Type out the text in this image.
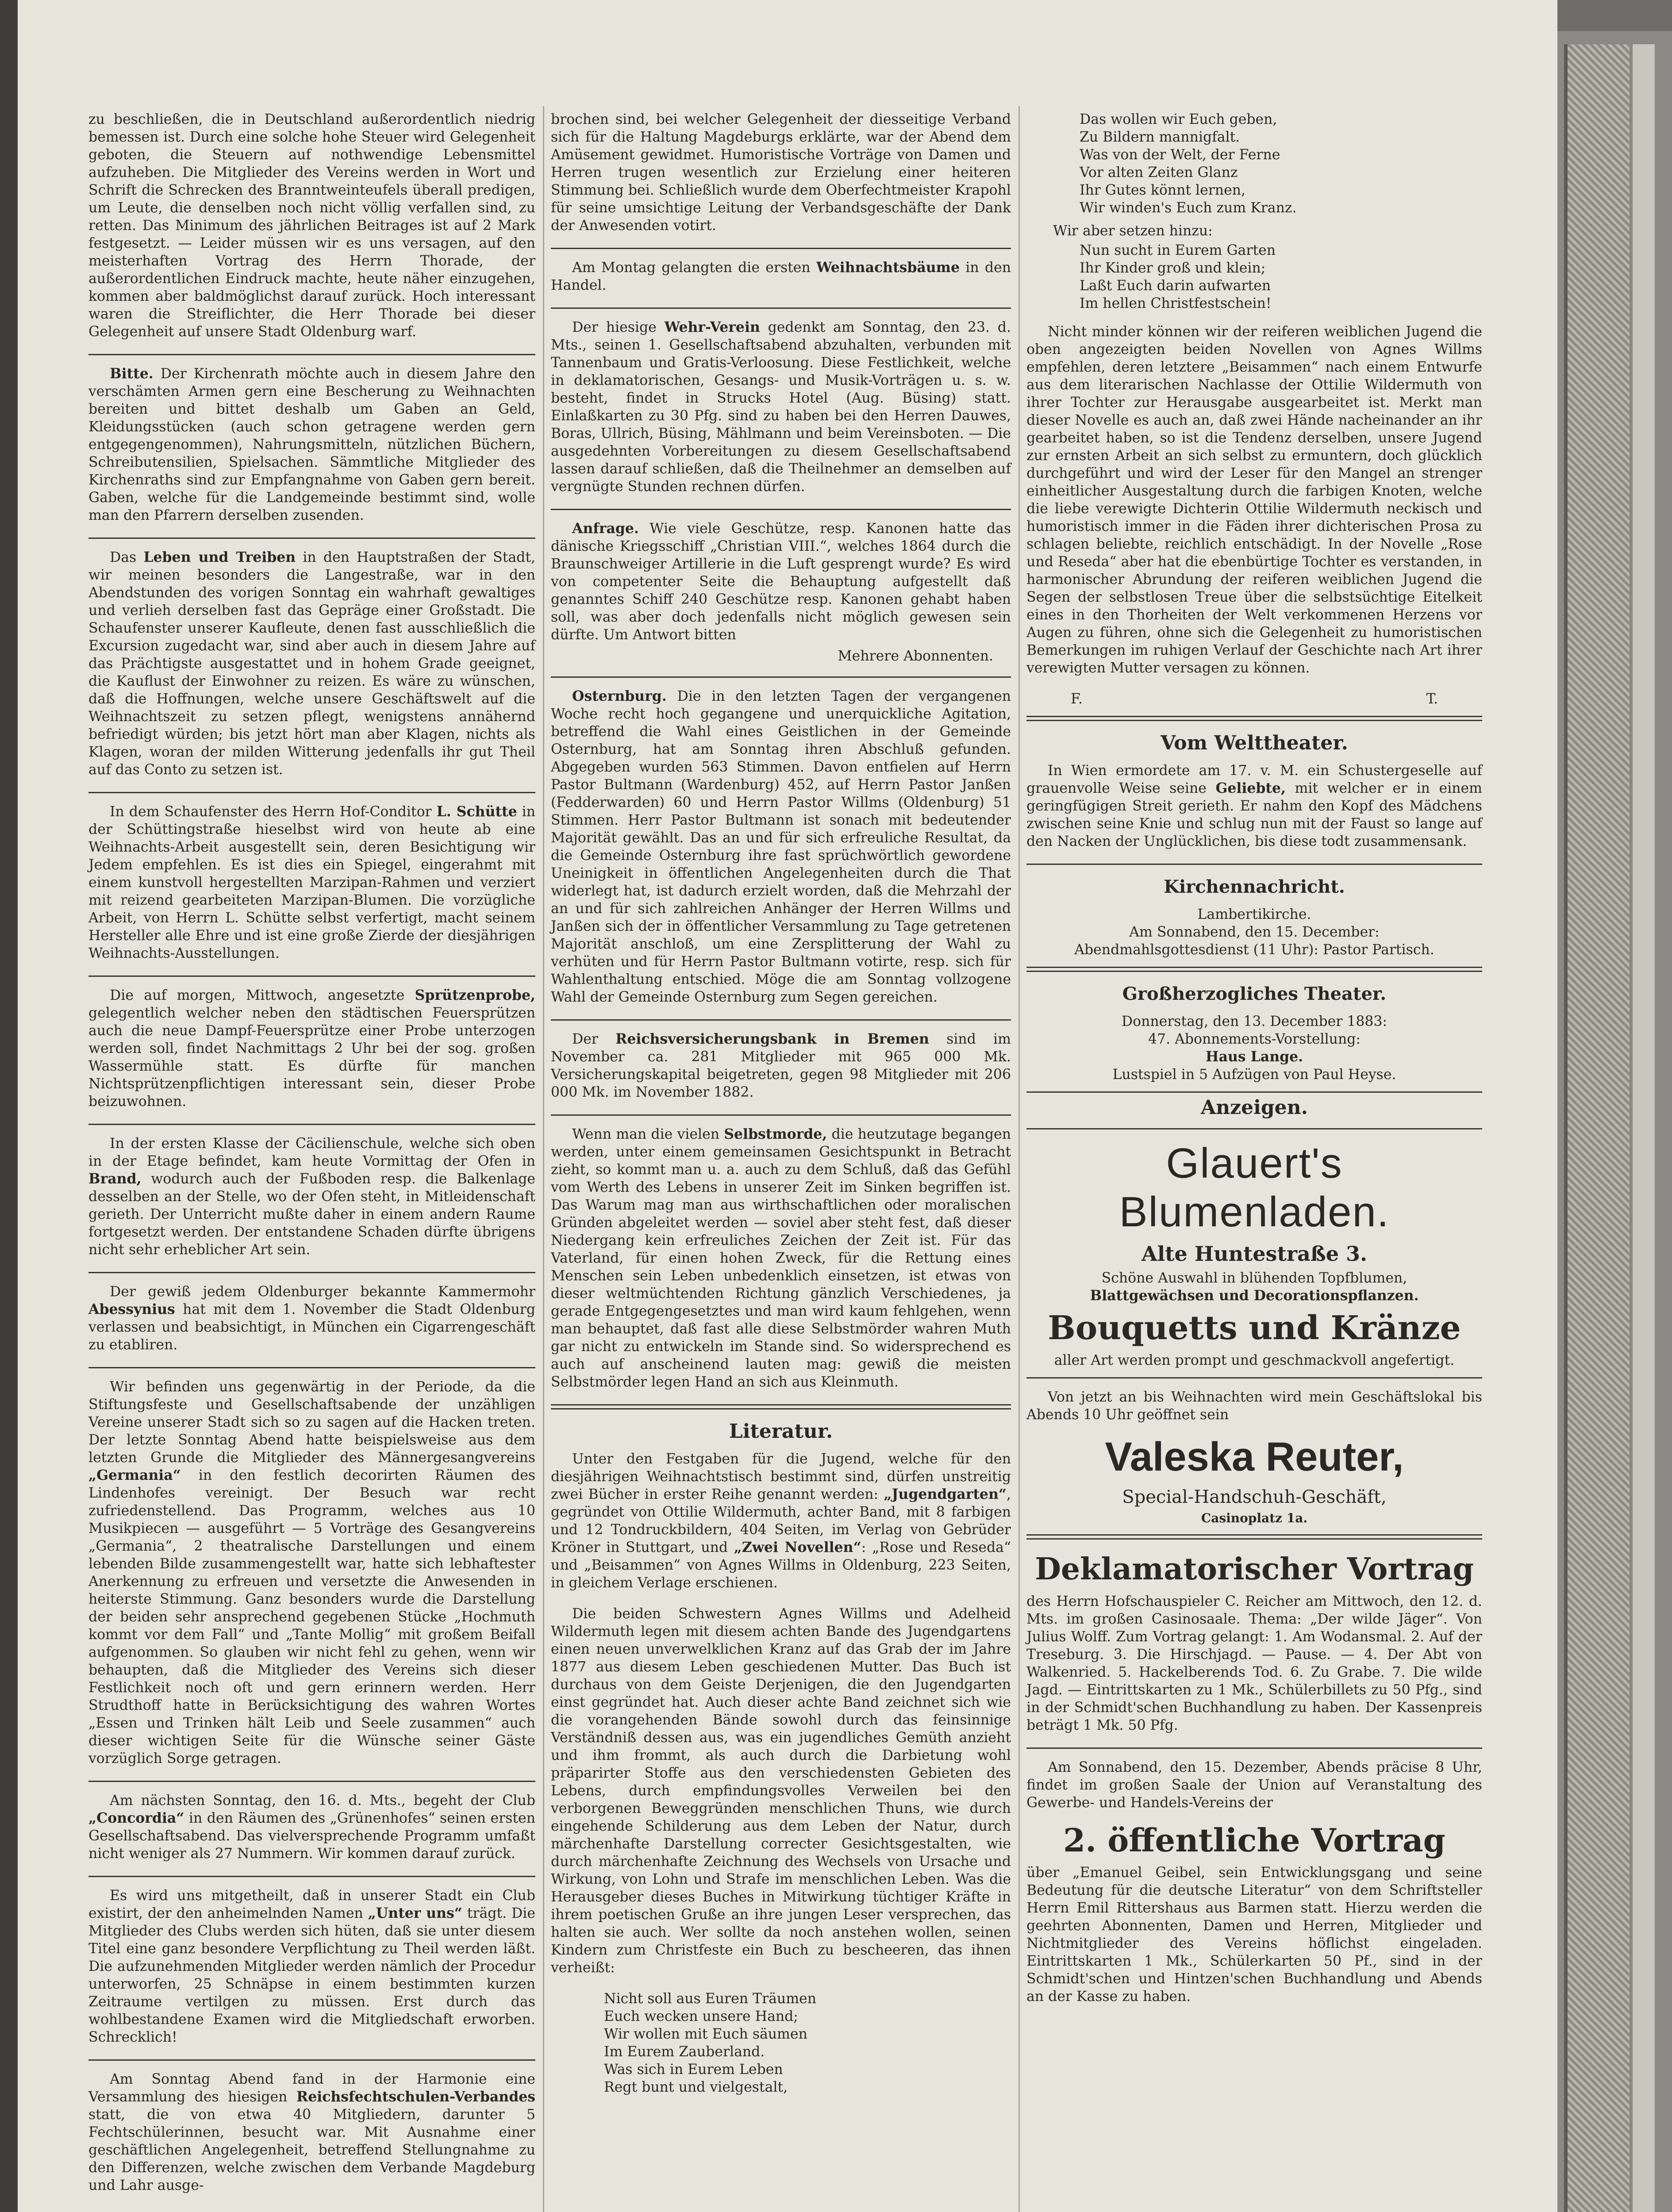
zu beschließen, die in Deutschland außerordentlich niedrig bemessen ist. Durch eine solche hohe Steuer wird Gelegenheit geboten, die Steuern auf nothwendige Lebensmittel aufzuheben. Die Mitglieder des Vereins werden in Wort und Schrift die Schrecken des Branntweinteufels überall predigen, um Leute, die denselben noch nicht völlig verfallen sind, zu retten. Das Minimum des jährlichen Beitrages ist auf 2 Mark festgesetzt. — Leider müssen wir es uns versagen, auf den meisterhaften Vortrag des Herrn Thorade, der außerordentlichen Eindruck machte, heute näher einzugehen, kommen aber baldmöglichst darauf zurück. Hoch interessant waren die Streiflichter, die Herr Thorade bei dieser Gelegenheit auf unsere Stadt Oldenburg warf.

Bitte. Der Kirchenrath möchte auch in diesem Jahre den verschämten Armen gern eine Bescherung zu Weihnachten bereiten und bittet deshalb um Gaben an Geld, Kleidungsstücken (auch schon getragene werden gern entgegengenommen), Nahrungsmitteln, nützlichen Büchern, Schreibutensilien, Spielsachen. Sämmtliche Mitglieder des Kirchenraths sind zur Empfangnahme von Gaben gern bereit. Gaben, welche für die Landgemeinde bestimmt sind, wolle man den Pfarrern derselben zusenden.

Das Leben und Treiben in den Hauptstraßen der Stadt, wir meinen besonders die Langestraße, war in den Abendstunden des vorigen Sonntag ein wahrhaft gewaltiges und verlieh derselben fast das Gepräge einer Großstadt. Die Schaufenster unserer Kaufleute, denen fast ausschließlich die Excursion zugedacht war, sind aber auch in diesem Jahre auf das Prächtigste ausgestattet und in hohem Grade geeignet, die Kauflust der Einwohner zu reizen. Es wäre zu wünschen, daß die Hoffnungen, welche unsere Geschäftswelt auf die Weihnachtszeit zu setzen pflegt, wenigstens annähernd befriedigt würden; bis jetzt hört man aber Klagen, nichts als Klagen, woran der milden Witterung jedenfalls ihr gut Theil auf das Conto zu setzen ist.

In dem Schaufenster des Herrn Hof-Conditor L. Schütte in der Schüttingstraße hieselbst wird von heute ab eine Weihnachts-Arbeit ausgestellt sein, deren Besichtigung wir Jedem empfehlen. Es ist dies ein Spiegel, eingerahmt mit einem kunstvoll hergestellten Marzipan-Rahmen und verziert mit reizend gearbeiteten Marzipan-Blumen. Die vorzügliche Arbeit, von Herrn L. Schütte selbst verfertigt, macht seinem Hersteller alle Ehre und ist eine große Zierde der diesjährigen Weihnachts-Ausstellungen.

Die auf morgen, Mittwoch, angesetzte Sprützenprobe, gelegentlich welcher neben den städtischen Feuersprützen auch die neue Dampf-Feuersprütze einer Probe unterzogen werden soll, findet Nachmittags 2 Uhr bei der sog. großen Wassermühle statt. Es dürfte für manchen Nichtsprützenpflichtigen interessant sein, dieser Probe beizuwohnen.

In der ersten Klasse der Cäcilienschule, welche sich oben in der Etage befindet, kam heute Vormittag der Ofen in Brand, wodurch auch der Fußboden resp. die Balkenlage desselben an der Stelle, wo der Ofen steht, in Mitleidenschaft gerieth. Der Unterricht mußte daher in einem andern Raume fortgesetzt werden. Der entstandene Schaden dürfte übrigens nicht sehr erheblicher Art sein.

Der gewiß jedem Oldenburger bekannte Kammermohr Abessynius hat mit dem 1. November die Stadt Oldenburg verlassen und beabsichtigt, in München ein Cigarrengeschäft zu etabliren.

Wir befinden uns gegenwärtig in der Periode, da die Stiftungsfeste und Gesellschaftsabende der unzähligen Vereine unserer Stadt sich so zu sagen auf die Hacken treten. Der letzte Sonntag Abend hatte beispielsweise aus dem letzten Grunde die Mitglieder des Männergesangvereins „Germania“ in den festlich decorirten Räumen des Lindenhofes vereinigt. Der Besuch war recht zufriedenstellend. Das Programm, welches aus 10 Musikpiecen — ausgeführt — 5 Vorträge des Gesangvereins „Germania“, 2 theatralische Darstellungen und einem lebenden Bilde zusammengestellt war, hatte sich lebhaftester Anerkennung zu erfreuen und versetzte die Anwesenden in heiterste Stimmung. Ganz besonders wurde die Darstellung der beiden sehr ansprechend gegebenen Stücke „Hochmuth kommt vor dem Fall“ und „Tante Mollig“ mit großem Beifall aufgenommen. So glauben wir nicht fehl zu gehen, wenn wir behaupten, daß die Mitglieder des Vereins sich dieser Festlichkeit noch oft und gern erinnern werden. Herr Strudthoff hatte in Berücksichtigung des wahren Wortes „Essen und Trinken hält Leib und Seele zusammen“ auch dieser wichtigen Seite für die Wünsche seiner Gäste vorzüglich Sorge getragen.

Am nächsten Sonntag, den 16. d. Mts., begeht der Club „Concordia“ in den Räumen des „Grünenhofes“ seinen ersten Gesellschaftsabend. Das vielversprechende Programm umfaßt nicht weniger als 27 Nummern. Wir kommen darauf zurück.

Es wird uns mitgetheilt, daß in unserer Stadt ein Club existirt, der den anheimelnden Namen „Unter uns“ trägt. Die Mitglieder des Clubs werden sich hüten, daß sie unter diesem Titel eine ganz besondere Verpflichtung zu Theil werden läßt. Die aufzunehmenden Mitglieder werden nämlich der Procedur unterworfen, 25 Schnäpse in einem bestimmten kurzen Zeitraume vertilgen zu müssen. Erst durch das wohlbestandene Examen wird die Mitgliedschaft erworben. Schrecklich!

Am Sonntag Abend fand in der Harmonie eine Versammlung des hiesigen Reichsfechtschulen-Verbandes statt, die von etwa 40 Mitgliedern, darunter 5 Fechtschülerinnen, besucht war. Mit Ausnahme einer geschäftlichen Angelegenheit, betreffend Stellungnahme zu den Differenzen, welche zwischen dem Verbande Magdeburg und Lahr ausge-

brochen sind, bei welcher Gelegenheit der diesseitige Verband sich für die Haltung Magdeburgs erklärte, war der Abend dem Amüsement gewidmet. Humoristische Vorträge von Damen und Herren trugen wesentlich zur Erzielung einer heiteren Stimmung bei. Schließlich wurde dem Oberfechtmeister Krapohl für seine umsichtige Leitung der Verbandsgeschäfte der Dank der Anwesenden votirt.

Am Montag gelangten die ersten Weihnachtsbäume in den Handel.

Der hiesige Wehr-Verein gedenkt am Sonntag, den 23. d. Mts., seinen 1. Gesellschaftsabend abzuhalten, verbunden mit Tannenbaum und Gratis-Verloosung. Diese Festlichkeit, welche in deklamatorischen, Gesangs- und Musik-Vorträgen u. s. w. besteht, findet in Strucks Hotel (Aug. Büsing) statt. Einlaßkarten zu 30 Pfg. sind zu haben bei den Herren Dauwes, Boras, Ullrich, Büsing, Mählmann und beim Vereinsboten. — Die ausgedehnten Vorbereitungen zu diesem Gesellschaftsabend lassen darauf schließen, daß die Theilnehmer an demselben auf vergnügte Stunden rechnen dürfen.

Anfrage. Wie viele Geschütze, resp. Kanonen hatte das dänische Kriegsschiff „Christian VIII.“, welches 1864 durch die Braunschweiger Artillerie in die Luft gesprengt wurde? Es wird von competenter Seite die Behauptung aufgestellt daß genanntes Schiff 240 Geschütze resp. Kanonen gehabt haben soll, was aber doch jedenfalls nicht möglich gewesen sein dürfte. Um Antwort bitten

Mehrere Abonnenten.

Osternburg. Die in den letzten Tagen der vergangenen Woche recht hoch gegangene und unerquickliche Agitation, betreffend die Wahl eines Geistlichen in der Gemeinde Osternburg, hat am Sonntag ihren Abschluß gefunden. Abgegeben wurden 563 Stimmen. Davon entfielen auf Herrn Pastor Bultmann (Wardenburg) 452, auf Herrn Pastor Janßen (Fedderwarden) 60 und Herrn Pastor Willms (Oldenburg) 51 Stimmen. Herr Pastor Bultmann ist sonach mit bedeutender Majorität gewählt. Das an und für sich erfreuliche Resultat, da die Gemeinde Osternburg ihre fast sprüchwörtlich gewordene Uneinigkeit in öffentlichen Angelegenheiten durch die That widerlegt hat, ist dadurch erzielt worden, daß die Mehrzahl der an und für sich zahlreichen Anhänger der Herren Willms und Janßen sich der in öffentlicher Versammlung zu Tage getretenen Majorität anschloß, um eine Zersplitterung der Wahl zu verhüten und für Herrn Pastor Bultmann votirte, resp. sich für Wahlenthaltung entschied. Möge die am Sonntag vollzogene Wahl der Gemeinde Osternburg zum Segen gereichen.

Der Reichsversicherungsbank in Bremen sind im November ca. 281 Mitglieder mit 965 000 Mk. Versicherungskapital beigetreten, gegen 98 Mitglieder mit 206 000 Mk. im November 1882.

Wenn man die vielen Selbstmorde, die heutzutage begangen werden, unter einem gemeinsamen Gesichtspunkt in Betracht zieht, so kommt man u. a. auch zu dem Schluß, daß das Gefühl vom Werth des Lebens in unserer Zeit im Sinken begriffen ist. Das Warum mag man aus wirthschaftlichen oder moralischen Gründen abgeleitet werden — soviel aber steht fest, daß dieser Niedergang kein erfreuliches Zeichen der Zeit ist. Für das Vaterland, für einen hohen Zweck, für die Rettung eines Menschen sein Leben unbedenklich einsetzen, ist etwas von dieser weltmüchtenden Richtung gänzlich Verschiedenes, ja gerade Entgegengesetztes und man wird kaum fehlgehen, wenn man behauptet, daß fast alle diese Selbstmörder wahren Muth gar nicht zu entwickeln im Stande sind. So widersprechend es auch auf anscheinend lauten mag: gewiß die meisten Selbstmörder legen Hand an sich aus Kleinmuth.

Literatur.

Unter den Festgaben für die Jugend, welche für den diesjährigen Weihnachtstisch bestimmt sind, dürfen unstreitig zwei Bücher in erster Reihe genannt werden: „Jugendgarten“, gegründet von Ottilie Wildermuth, achter Band, mit 8 farbigen und 12 Tondruckbildern, 404 Seiten, im Verlag von Gebrüder Kröner in Stuttgart, und „Zwei Novellen“: „Rose und Reseda“ und „Beisammen“ von Agnes Willms in Oldenburg, 223 Seiten, in gleichem Verlage erschienen.

Die beiden Schwestern Agnes Willms und Adelheid Wildermuth legen mit diesem achten Bande des Jugendgartens einen neuen unverwelklichen Kranz auf das Grab der im Jahre 1877 aus diesem Leben geschiedenen Mutter. Das Buch ist durchaus von dem Geiste Derjenigen, die den Jugendgarten einst gegründet hat. Auch dieser achte Band zeichnet sich wie die vorangehenden Bände sowohl durch das feinsinnige Verständniß dessen aus, was ein jugendliches Gemüth anzieht und ihm frommt, als auch durch die Darbietung wohl präparirter Stoffe aus den verschiedensten Gebieten des Lebens, durch empfindungsvolles Verweilen bei den verborgenen Beweggründen menschlichen Thuns, wie durch eingehende Schilderung aus dem Leben der Natur, durch märchenhafte Darstellung correcter Gesichtsgestalten, wie durch märchenhafte Zeichnung des Wechsels von Ursache und Wirkung, von Lohn und Strafe im menschlichen Leben. Was die Herausgeber dieses Buches in Mitwirkung tüchtiger Kräfte in ihrem poetischen Gruße an ihre jungen Leser versprechen, das halten sie auch. Wer sollte da noch anstehen wollen, seinen Kindern zum Christfeste ein Buch zu bescheeren, das ihnen verheißt:

Nicht soll aus Euren Träumen
Euch wecken unsere Hand;
Wir wollen mit Euch säumen
Im Eurem Zauberland.
Was sich in Eurem Leben
Regt bunt und vielgestalt,
Das wollen wir Euch geben,
Zu Bildern mannigfalt.
Was von der Welt, der Ferne
Vor alten Zeiten Glanz
Ihr Gutes könnt lernen,
Wir winden's Euch zum Kranz.
Wir aber setzen hinzu:
Nun sucht in Eurem Garten
Ihr Kinder groß und klein;
Laßt Euch darin aufwarten
Im hellen Christfestschein!

Nicht minder können wir der reiferen weiblichen Jugend die oben angezeigten beiden Novellen von Agnes Willms empfehlen, deren letztere „Beisammen“ nach einem Entwurfe aus dem literarischen Nachlasse der Ottilie Wildermuth von ihrer Tochter zur Herausgabe ausgearbeitet ist. Merkt man dieser Novelle es auch an, daß zwei Hände nacheinander an ihr gearbeitet haben, so ist die Tendenz derselben, unsere Jugend zur ernsten Arbeit an sich selbst zu ermuntern, doch glücklich durchgeführt und wird der Leser für den Mangel an strenger einheitlicher Ausgestaltung durch die farbigen Knoten, welche die liebe verewigte Dichterin Ottilie Wildermuth neckisch und humoristisch immer in die Fäden ihrer dichterischen Prosa zu schlagen beliebte, reichlich entschädigt. In der Novelle „Rose und Reseda“ aber hat die ebenbürtige Tochter es verstanden, in harmonischer Abrundung der reiferen weiblichen Jugend die Segen der selbstlosen Treue über die selbstsüchtige Eitelkeit eines in den Thorheiten der Welt verkommenen Herzens vor Augen zu führen, ohne sich die Gelegenheit zu humoristischen Bemerkungen im ruhigen Verlauf der Geschichte nach Art ihrer verewigten Mutter versagen zu können.

F.	T.
Vom Welttheater.

In Wien ermordete am 17. v. M. ein Schustergeselle auf grauenvolle Weise seine Geliebte, mit welcher er in einem geringfügigen Streit gerieth. Er nahm den Kopf des Mädchens zwischen seine Knie und schlug nun mit der Faust so lange auf den Nacken der Unglücklichen, bis diese todt zusammensank.

Kirchennachricht.
Lambertikirche.
Am Sonnabend, den 15. December:
Abendmahlsgottesdienst (11 Uhr): Pastor Partisch.
Großherzogliches Theater.
Donnerstag, den 13. December 1883:
47. Abonnements-Vorstellung:
Haus Lange.
Lustspiel in 5 Aufzügen von Paul Heyse.
Anzeigen.
Glauert's Blumenladen.
Alte Huntestraße 3.
Schöne Auswahl in blühenden Topfblumen,
Blattgewächsen und Decorationspflanzen.
Bouquetts und Kränze
aller Art werden prompt und geschmackvoll angefertigt.

Von jetzt an bis Weihnachten wird mein Geschäftslokal bis Abends 10 Uhr geöffnet sein

Valeska Reuter,
Special-Handschuh-Geschäft,
Casinoplatz 1a.
Deklamatorischer Vortrag

des Herrn Hofschauspieler C. Reicher am Mittwoch, den 12. d. Mts. im großen Casinosaale. Thema: „Der wilde Jäger“. Von Julius Wolff. Zum Vortrag gelangt: 1. Am Wodansmal. 2. Auf der Treseburg. 3. Die Hirschjagd. — Pause. — 4. Der Abt von Walkenried. 5. Hackelberends Tod. 6. Zu Grabe. 7. Die wilde Jagd. — Eintrittskarten zu 1 Mk., Schülerbillets zu 50 Pfg., sind in der Schmidt'schen Buchhandlung zu haben. Der Kassenpreis beträgt 1 Mk. 50 Pfg.

Am Sonnabend, den 15. Dezember, Abends präcise 8 Uhr, findet im großen Saale der Union auf Veranstaltung des Gewerbe- und Handels-Vereins der

2. öffentliche Vortrag

über „Emanuel Geibel, sein Entwicklungsgang und seine Bedeutung für die deutsche Literatur“ von dem Schriftsteller Herrn Emil Rittershaus aus Barmen statt. Hierzu werden die geehrten Abonnenten, Damen und Herren, Mitglieder und Nichtmitglieder des Vereins höflichst eingeladen. Eintrittskarten 1 Mk., Schülerkarten 50 Pf., sind in der Schmidt'schen und Hintzen'schen Buchhandlung und Abends an der Kasse zu haben.
